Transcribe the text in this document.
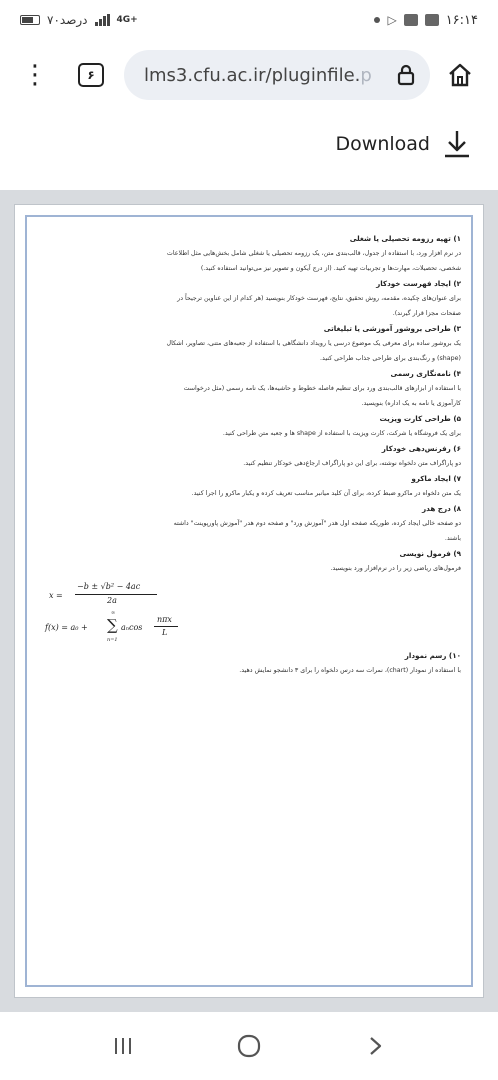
۷۰درصد	4G+	▷	۱۶:۱۴
⋮	۶	lms3.cfu.ac.ir/pluginfile.p
Download
۱) تهیه رزومه تحصیلی یا شغلی
در نرم افزار ورد، با استفاده از جدول، قالب‌بندی متن، یک رزومه تحصیلی یا شغلی شامل بخش‌هایی مثل اطلاعات
شخصی، تحصیلات، مهارت‌ها و تجربیات تهیه کنید. (از درج آیکون و تصویر نیز می‌توانید استفاده کنید.)
۲) ایجاد فهرست خودکار
برای عنوان‌های چکیده، مقدمه، روش تحقیق، نتایج، فهرست خودکار بنویسید (هر کدام از این عناوین ترجیحاً در
صفحات مجزا قرار گیرند).
۳) طراحی بروشور آموزشی یا تبلیغاتی
یک بروشور ساده برای معرفی یک موضوع درسی یا رویداد دانشگاهی با استفاده از جعبه‌های متنی، تصاویر، اشکال
(shape) و رنگ‌بندی برای طراحی جذاب طراحی کنید.
۴) نامه‌نگاری رسمی
با استفاده از ابزارهای قالب‌بندی ورد برای تنظیم فاصله خطوط و حاشیه‌ها، یک نامه رسمی (مثل درخواست
کارآموزی یا نامه به یک اداره) بنویسید.
۵) طراحی کارت ویزیت
برای یک فروشگاه یا شرکت، کارت ویزیت با استفاده از shape ها و جعبه متن طراحی کنید.
۶) رفرنس‌دهی خودکار
دو پاراگراف متن دلخواه نوشته، برای این دو پاراگراف ارجاع‌دهی خودکار تنظیم کنید.
۷) ایجاد ماکرو
یک متن دلخواه در ماکرو ضبط کرده، برای آن کلید میانبر مناسب تعریف کرده و یکبار ماکرو را اجرا کنید.
۸) درج هدر
دو صفحه خالی ایجاد کرده، طوریکه صفحه اول هدر "آموزش ورد" و صفحه دوم هدر "آموزش پاورپوینت" داشته
باشند.
۹) فرمول نویسی
فرمول‌های ریاضی زیر را در نرم‌افزار ورد بنویسید.
x =
−b ± √b² − 4ac
2a
f(x) = a₀ +
∞
∑
n=1
aₙcos
nπx
L
۱۰) رسم نمودار
با استفاده از نمودار (chart)، نمرات سه درس دلخواه را برای ۳ دانشجو نمایش دهید.
